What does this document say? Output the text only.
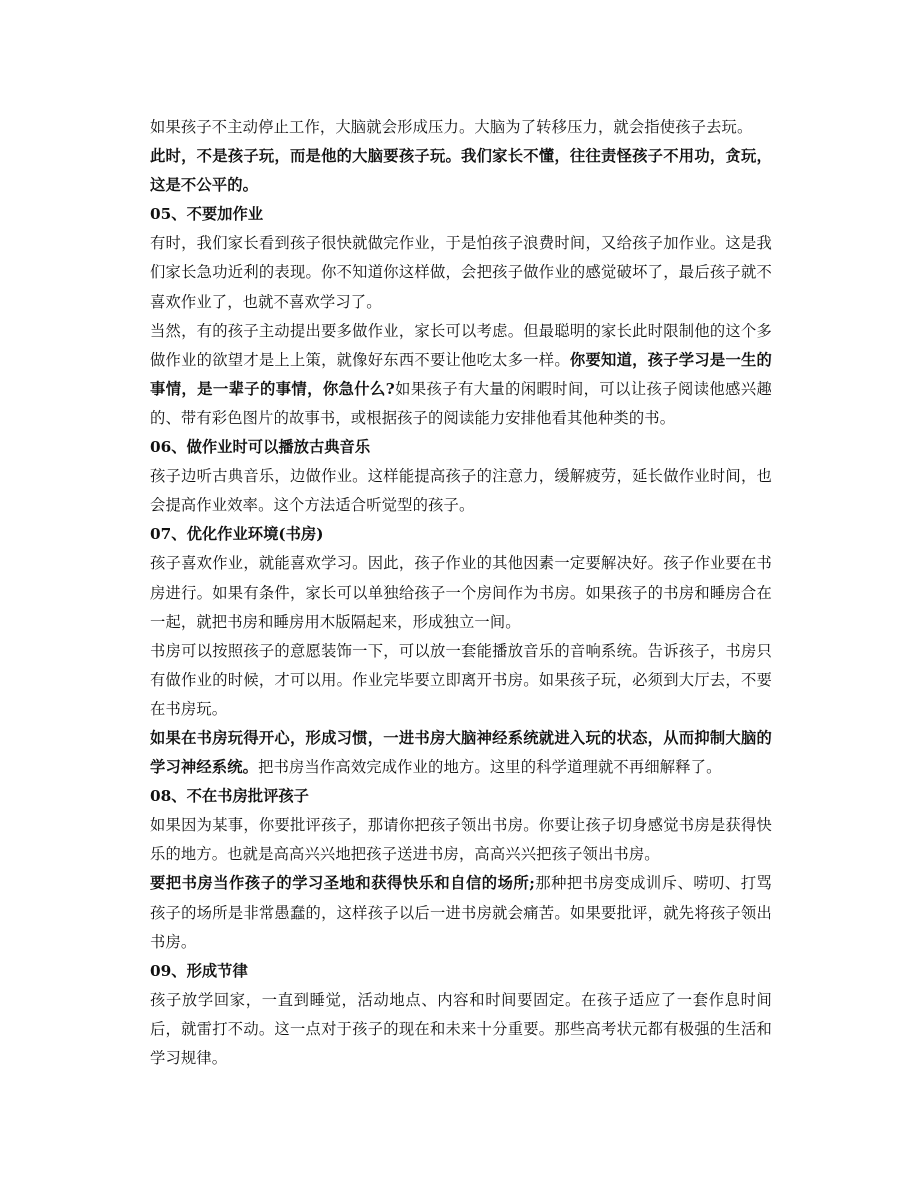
如果孩子不主动停止工作，大脑就会形成压力。大脑为了转移压力，就会指使孩子去玩。

此时，不是孩子玩，而是他的大脑要孩子玩。我们家长不懂，往往责怪孩子不用功，贪玩，这是不公平的。

05、不要加作业

有时，我们家长看到孩子很快就做完作业，于是怕孩子浪费时间，又给孩子加作业。这是我们家长急功近利的表现。你不知道你这样做，会把孩子做作业的感觉破坏了，最后孩子就不喜欢作业了，也就不喜欢学习了。

当然，有的孩子主动提出要多做作业，家长可以考虑。但最聪明的家长此时限制他的这个多做作业的欲望才是上上策，就像好东西不要让他吃太多一样。你要知道，孩子学习是一生的事情，是一辈子的事情，你急什么?如果孩子有大量的闲暇时间，可以让孩子阅读他感兴趣的、带有彩色图片的故事书，或根据孩子的阅读能力安排他看其他种类的书。

06、做作业时可以播放古典音乐

孩子边听古典音乐，边做作业。这样能提高孩子的注意力，缓解疲劳，延长做作业时间，也会提高作业效率。这个方法适合听觉型的孩子。

07、优化作业环境(书房)

孩子喜欢作业，就能喜欢学习。因此，孩子作业的其他因素一定要解决好。孩子作业要在书房进行。如果有条件，家长可以单独给孩子一个房间作为书房。如果孩子的书房和睡房合在一起，就把书房和睡房用木版隔起来，形成独立一间。

书房可以按照孩子的意愿装饰一下，可以放一套能播放音乐的音响系统。告诉孩子，书房只有做作业的时候，才可以用。作业完毕要立即离开书房。如果孩子玩，必须到大厅去，不要在书房玩。

如果在书房玩得开心，形成习惯，一进书房大脑神经系统就进入玩的状态，从而抑制大脑的学习神经系统。把书房当作高效完成作业的地方。这里的科学道理就不再细解释了。

08、不在书房批评孩子

如果因为某事，你要批评孩子，那请你把孩子领出书房。你要让孩子切身感觉书房是获得快乐的地方。也就是高高兴兴地把孩子送进书房，高高兴兴把孩子领出书房。

要把书房当作孩子的学习圣地和获得快乐和自信的场所;那种把书房变成训斥、唠叨、打骂孩子的场所是非常愚蠢的，这样孩子以后一进书房就会痛苦。如果要批评，就先将孩子领出书房。

09、形成节律

孩子放学回家，一直到睡觉，活动地点、内容和时间要固定。在孩子适应了一套作息时间后，就雷打不动。这一点对于孩子的现在和未来十分重要。那些高考状元都有极强的生活和学习规律。
